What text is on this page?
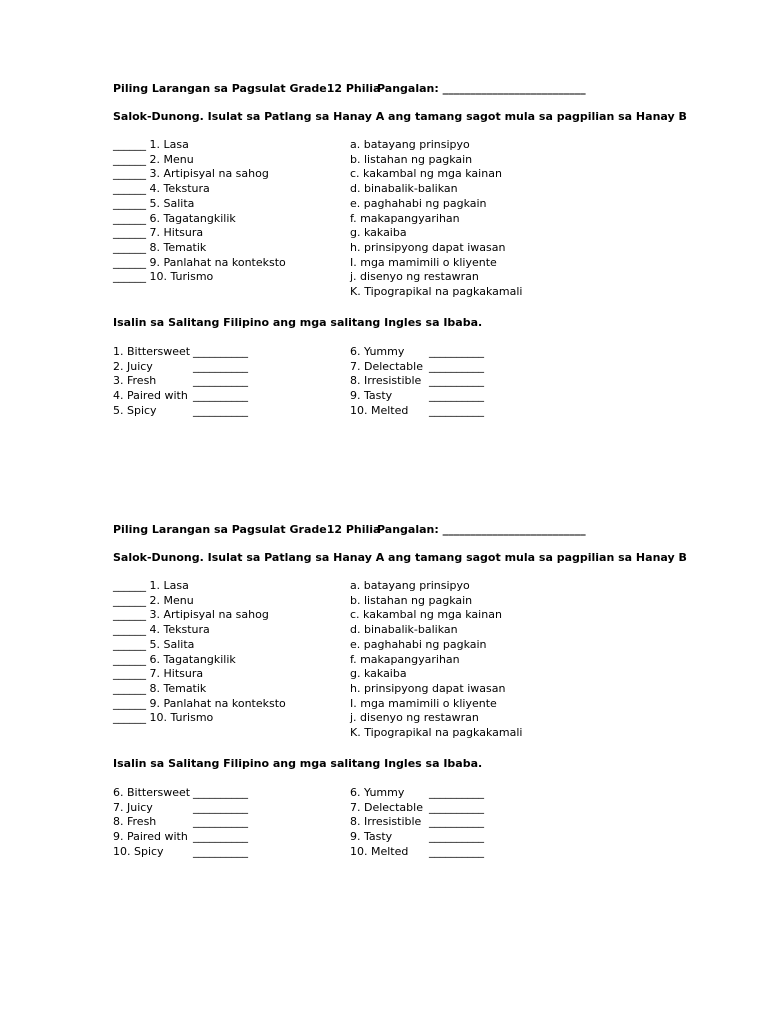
Piling Larangan sa Pagsulat Grade12 Philia
Pangalan: __________________________
Salok-Dunong. Isulat sa Patlang sa Hanay A ang tamang sagot mula sa pagpilian sa Hanay B
______ 1. Lasa
______ 2. Menu
______ 3. Artipisyal na sahog
______ 4. Tekstura
______ 5. Salita
______ 6. Tagatangkilik
______ 7. Hitsura
______ 8. Tematik
______ 9. Panlahat na konteksto
______ 10. Turismo
a. batayang prinsipyo
b. listahan ng pagkain
c. kakambal ng mga kainan
d. binabalik-balikan
e. paghahabi ng pagkain
f. makapangyarihan
g. kakaiba
h. prinsipyong dapat iwasan
I. mga mamimili o kliyente
j. disenyo ng restawran
K. Tipograpikal na pagkakamali
Isalin sa Salitang Filipino ang mga salitang Ingles sa Ibaba.
1. Bittersweet __________
2. Juicy	__________
3. Fresh	__________
4. Paired with __________
5. Spicy	__________
6. Yummy __________
7. Delectable __________
8. Irresistible __________
9. Tasty	__________
10. Melted __________
Piling Larangan sa Pagsulat Grade12 Philia
Pangalan: __________________________
Salok-Dunong. Isulat sa Patlang sa Hanay A ang tamang sagot mula sa pagpilian sa Hanay B
______ 1. Lasa
______ 2. Menu
______ 3. Artipisyal na sahog
______ 4. Tekstura
______ 5. Salita
______ 6. Tagatangkilik
______ 7. Hitsura
______ 8. Tematik
______ 9. Panlahat na konteksto
______ 10. Turismo
a. batayang prinsipyo
b. listahan ng pagkain
c. kakambal ng mga kainan
d. binabalik-balikan
e. paghahabi ng pagkain
f. makapangyarihan
g. kakaiba
h. prinsipyong dapat iwasan
I. mga mamimili o kliyente
j. disenyo ng restawran
K. Tipograpikal na pagkakamali
Isalin sa Salitang Filipino ang mga salitang Ingles sa Ibaba.
6. Bittersweet __________
7. Juicy	__________
8. Fresh	__________
9. Paired with __________
10. Spicy	__________
6. Yummy __________
7. Delectable __________
8. Irresistible __________
9. Tasty	__________
10. Melted __________
